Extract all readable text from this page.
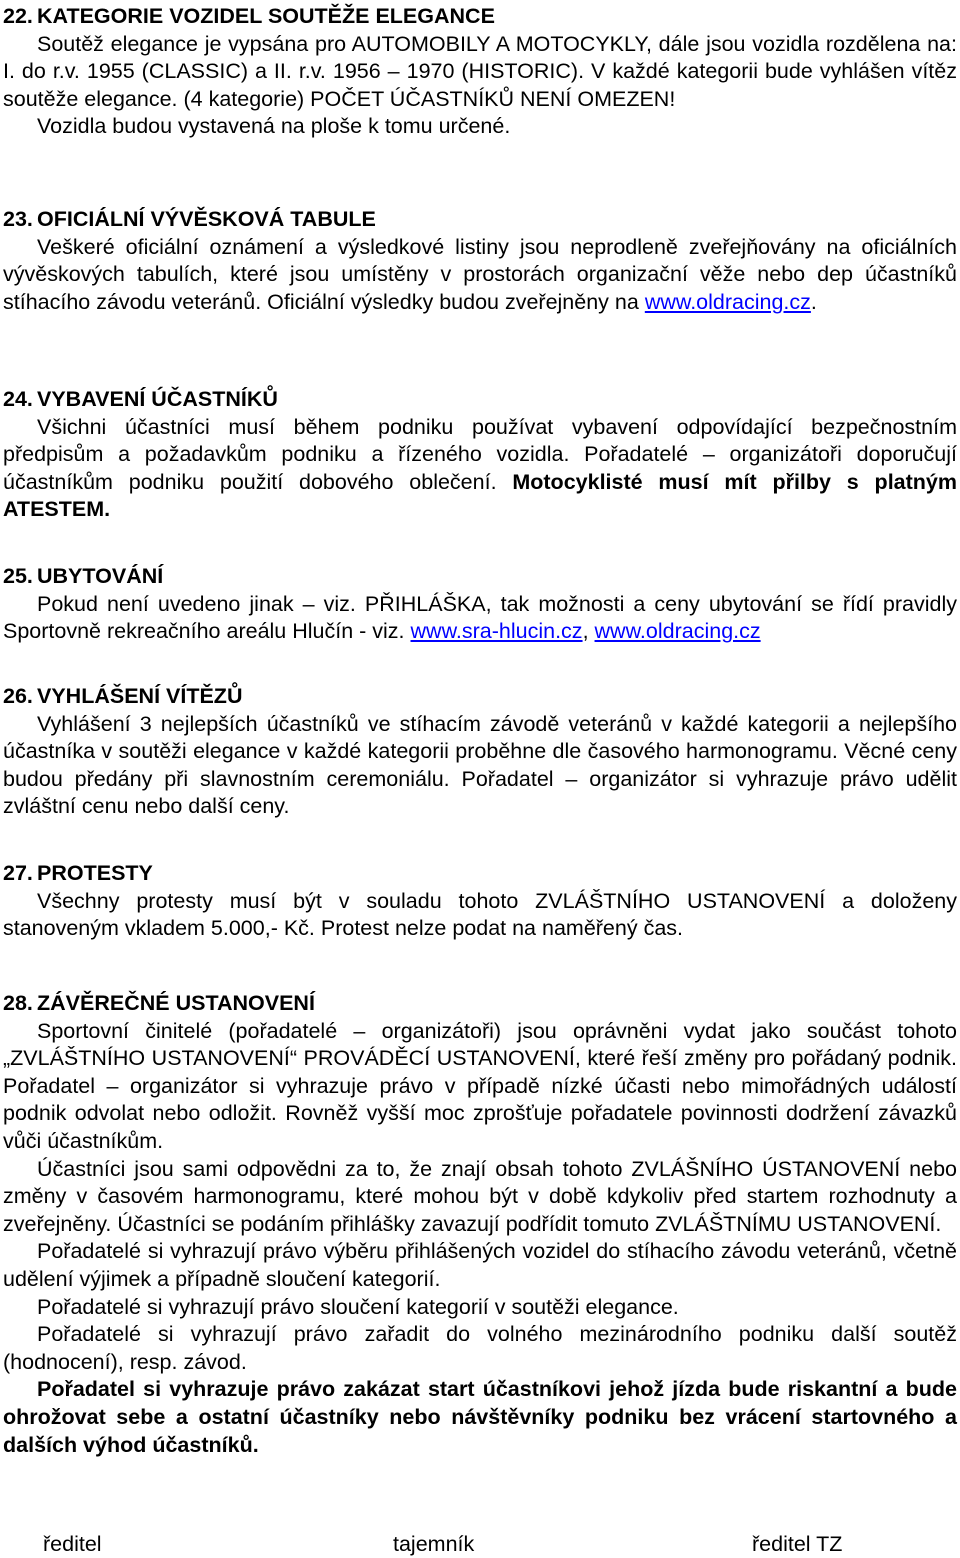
22. KATEGORIE VOZIDEL SOUTĚŽE ELEGANCE

Soutěž elegance je vypsána pro AUTOMOBILY A MOTOCYKLY, dále jsou vozidla rozdělena na: I. do r.v. 1955 (CLASSIC) a II. r.v. 1956 – 1970 (HISTORIC). V každé kategorii bude vyhlášen vítěz soutěže elegance. (4 kategorie) POČET ÚČASTNÍKŮ NENÍ OMEZEN!

Vozidla budou vystavená na ploše k tomu určené.

23. OFICIÁLNÍ VÝVĚSKOVÁ TABULE

Veškeré oficiální oznámení a výsledkové listiny jsou neprodleně zveřejňovány na oficiálních vývěskových tabulích, které jsou umístěny v prostorách organizační věže nebo dep účastníků stíhacího závodu veteránů. Oficiální výsledky budou zveřejněny na www.oldracing.cz.

24. VYBAVENÍ ÚČASTNÍKŮ

Všichni účastníci musí během podniku používat vybavení odpovídající bezpečnostním předpisům a požadavkům podniku a řízeného vozidla. Pořadatelé – organizátoři doporučují účastníkům podniku použití dobového oblečení. Motocyklisté musí mít přilby s platným ATESTEM.

25. UBYTOVÁNÍ

Pokud není uvedeno jinak – viz. PŘIHLÁŠKA, tak možnosti a ceny ubytování se řídí pravidly Sportovně rekreačního areálu Hlučín - viz. www.sra-hlucin.cz, www.oldracing.cz

26. VYHLÁŠENÍ VÍTĚZŮ

Vyhlášení 3 nejlepších účastníků ve stíhacím závodě veteránů v každé kategorii a nejlepšího účastníka v soutěži elegance v každé kategorii proběhne dle časového harmonogramu. Věcné ceny budou předány při slavnostním ceremoniálu. Pořadatel – organizátor si vyhrazuje právo udělit zvláštní cenu nebo další ceny.

27. PROTESTY

Všechny protesty musí být v souladu tohoto ZVLÁŠTNÍHO USTANOVENÍ a doloženy stanoveným vkladem 5.000,- Kč. Protest nelze podat na naměřený čas.

28. ZÁVĚREČNÉ USTANOVENÍ

Sportovní činitelé (pořadatelé – organizátoři) jsou oprávněni vydat jako součást tohoto „ZVLÁŠTNÍHO USTANOVENÍ“ PROVÁDĚCÍ USTANOVENÍ, které řeší změny pro pořádaný podnik. Pořadatel – organizátor si vyhrazuje právo v případě nízké účasti nebo mimořádných událostí podnik odvolat nebo odložit. Rovněž vyšší moc zprošťuje pořadatele povinnosti dodržení závazků vůči účastníkům.

Účastníci jsou sami odpovědni za to, že znají obsah tohoto ZVLÁŠNÍHO ÚSTANOVENÍ nebo změny v časovém harmonogramu, které mohou být v době kdykoliv před startem rozhodnuty a zveřejněny. Účastníci se podáním přihlášky zavazují podřídit tomuto ZVLÁŠTNÍMU USTANOVENÍ.

Pořadatelé si vyhrazují právo výběru přihlášených vozidel do stíhacího závodu veteránů, včetně udělení výjimek a případně sloučení kategorií.

Pořadatelé si vyhrazují právo sloučení kategorií v soutěži elegance.

Pořadatelé si vyhrazují právo zařadit do volného mezinárodního podniku další soutěž (hodnocení), resp. závod.

Pořadatel si vyhrazuje právo zakázat start účastníkovi jehož jízda bude riskantní a bude ohrožovat sebe a ostatní účastníky nebo návštěvníky podniku bez vrácení startovného a dalších výhod účastníků.

ředitel	tajemník	ředitel TZ
